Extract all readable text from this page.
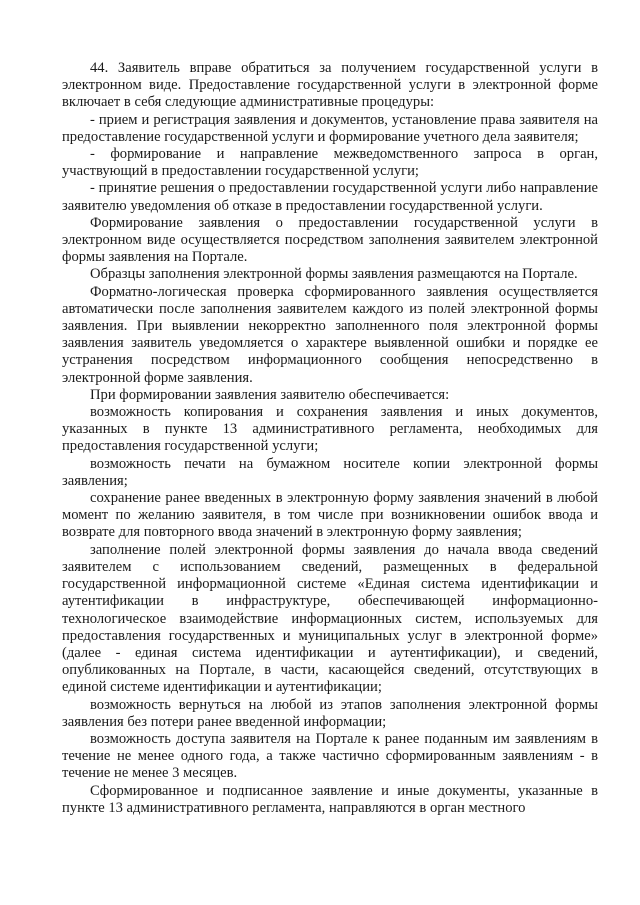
44. Заявитель вправе обратиться за получением государственной услуги в электронном виде. Предоставление государственной услуги в электронной форме включает в себя следующие административные процедуры:

- прием и регистрация заявления и документов, установление права заявителя на предоставление государственной услуги и формирование учетного дела заявителя;

- формирование и направление межведомственного запроса в орган, участвующий в предоставлении государственной услуги;

- принятие решения о предоставлении государственной услуги либо направление заявителю уведомления об отказе в предоставлении государственной услуги.

Формирование заявления о предоставлении государственной услуги в электронном виде осуществляется посредством заполнения заявителем электронной формы заявления на Портале.

Образцы заполнения электронной формы заявления размещаются на Портале.

Форматно-логическая проверка сформированного заявления осуществляется автоматически после заполнения заявителем каждого из полей электронной формы заявления. При выявлении некорректно заполненного поля электронной формы заявления заявитель уведомляется о характере выявленной ошибки и порядке ее устранения посредством информационного сообщения непосредственно в электронной форме заявления.

При формировании заявления заявителю обеспечивается:

возможность копирования и сохранения заявления и иных документов, указанных в пункте 13 административного регламента, необходимых для предоставления государственной услуги;

возможность печати на бумажном носителе копии электронной формы заявления;

сохранение ранее введенных в электронную форму заявления значений в любой момент по желанию заявителя, в том числе при возникновении ошибок ввода и возврате для повторного ввода значений в электронную форму заявления;

заполнение полей электронной формы заявления до начала ввода сведений заявителем с использованием сведений, размещенных в федеральной государственной информационной системе «Единая система идентификации и аутентификации в инфраструктуре, обеспечивающей информационно-технологическое взаимодействие информационных систем, используемых для предоставления государственных и муниципальных услуг в электронной форме» (далее - единая система идентификации и аутентификации), и сведений, опубликованных на Портале, в части, касающейся сведений, отсутствующих в единой системе идентификации и аутентификации;

возможность вернуться на любой из этапов заполнения электронной формы заявления без потери ранее введенной информации;

возможность доступа заявителя на Портале к ранее поданным им заявлениям в течение не менее одного года, а также частично сформированным заявлениям - в течение не менее 3 месяцев.

Сформированное и подписанное заявление и иные документы, указанные в пункте 13 административного регламента, направляются в орган местного
